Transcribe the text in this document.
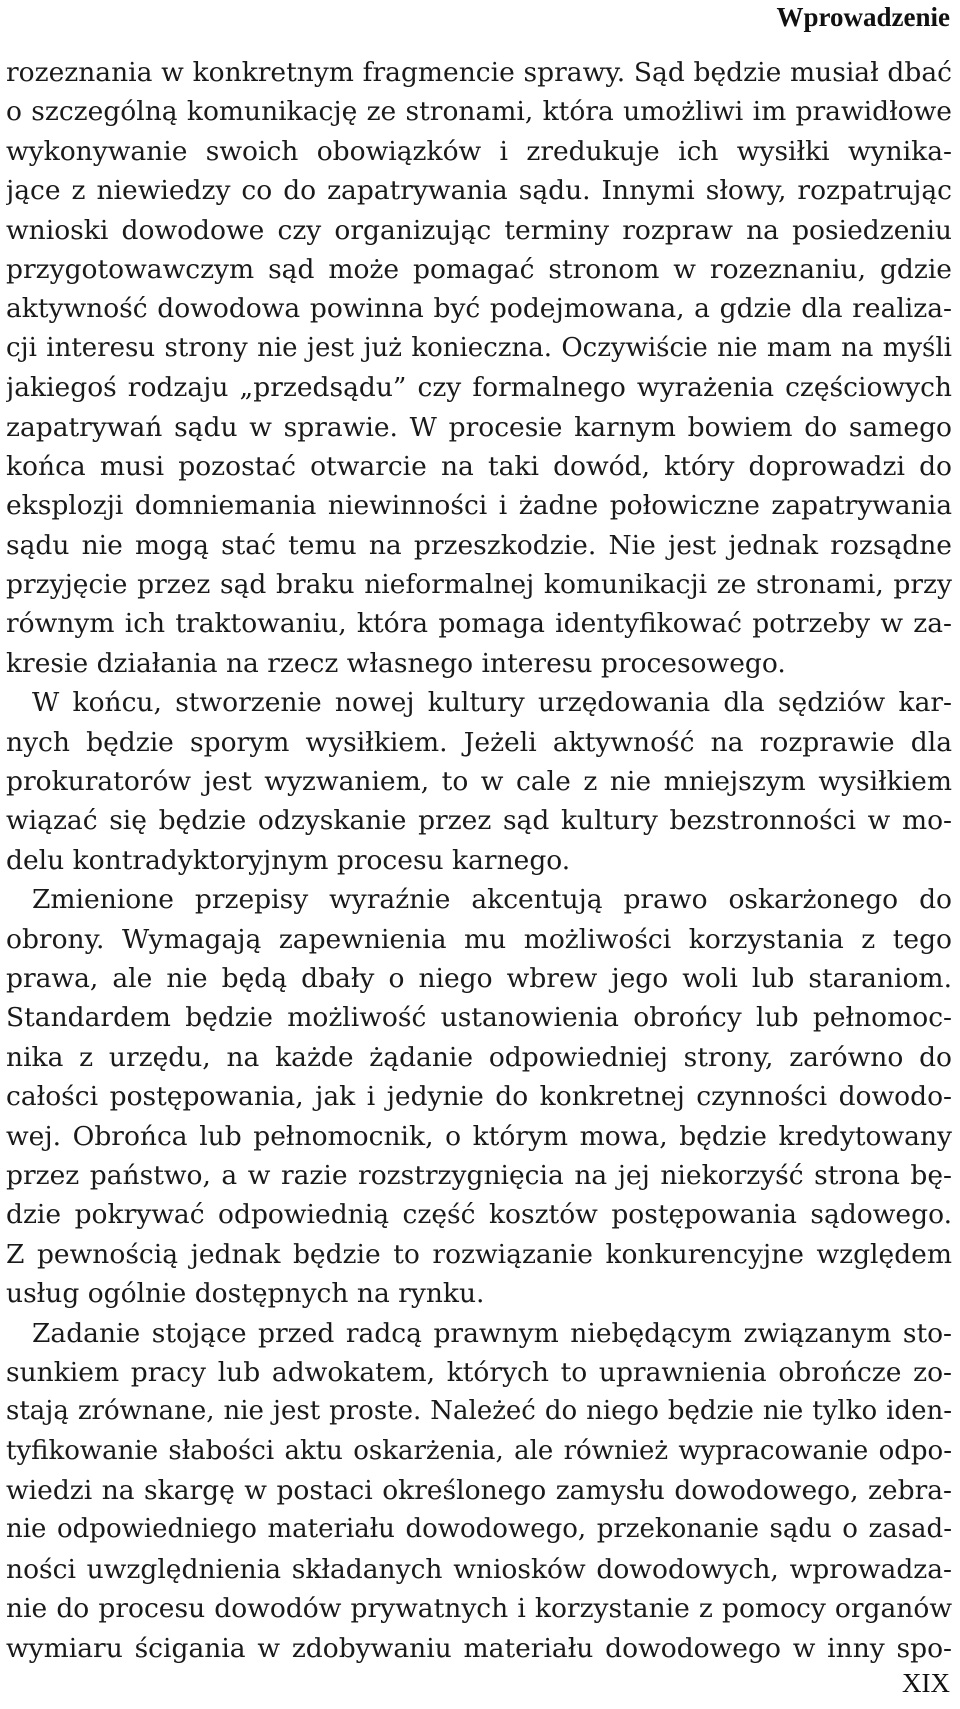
Wprowadzenie
rozeznania w konkretnym fragmencie sprawy. Sąd będzie musiał dbać
o szczególną komunikację ze stronami, która umożliwi im prawidłowe
wykonywanie swoich obowiązków i zredukuje ich wysiłki wynika-
jące z niewiedzy co do zapatrywania sądu. Innymi słowy, rozpatrując
wnioski dowodowe czy organizując terminy rozpraw na posiedzeniu
przygotowawczym sąd może pomagać stronom w rozeznaniu, gdzie
aktywność dowodowa powinna być podejmowana, a gdzie dla realiza-
cji interesu strony nie jest już konieczna. Oczywiście nie mam na myśli
jakiegoś rodzaju „przedsądu” czy formalnego wyrażenia częściowych
zapatrywań sądu w sprawie. W procesie karnym bowiem do samego
końca musi pozostać otwarcie na taki dowód, który doprowadzi do
eksplozji domniemania niewinności i żadne połowiczne zapatrywania
sądu nie mogą stać temu na przeszkodzie. Nie jest jednak rozsądne
przyjęcie przez sąd braku nieformalnej komunikacji ze stronami, przy
równym ich traktowaniu, która pomaga identyfikować potrzeby w za-
kresie działania na rzecz własnego interesu procesowego.
W końcu, stworzenie nowej kultury urzędowania dla sędziów kar-
nych będzie sporym wysiłkiem. Jeżeli aktywność na rozprawie dla
prokuratorów jest wyzwaniem, to w cale z nie mniejszym wysiłkiem
wiązać się będzie odzyskanie przez sąd kultury bezstronności w mo-
delu kontradyktoryjnym procesu karnego.
Zmienione przepisy wyraźnie akcentują prawo oskarżonego do
obrony. Wymagają zapewnienia mu możliwości korzystania z tego
prawa, ale nie będą dbały o niego wbrew jego woli lub staraniom.
Standardem będzie możliwość ustanowienia obrońcy lub pełnomoc-
nika z urzędu, na każde żądanie odpowiedniej strony, zarówno do
całości postępowania, jak i jedynie do konkretnej czynności dowodo-
wej. Obrońca lub pełnomocnik, o którym mowa, będzie kredytowany
przez państwo, a w razie rozstrzygnięcia na jej niekorzyść strona bę-
dzie pokrywać odpowiednią część kosztów postępowania sądowego.
Z pewnością jednak będzie to rozwiązanie konkurencyjne względem
usług ogólnie dostępnych na rynku.
Zadanie stojące przed radcą prawnym niebędącym związanym sto-
sunkiem pracy lub adwokatem, których to uprawnienia obrończe zo-
stają zrównane, nie jest proste. Należeć do niego będzie nie tylko iden-
tyfikowanie słabości aktu oskarżenia, ale również wypracowanie odpo-
wiedzi na skargę w postaci określonego zamysłu dowodowego, zebra-
nie odpowiedniego materiału dowodowego, przekonanie sądu o zasad-
ności uwzględnienia składanych wniosków dowodowych, wprowadza-
nie do procesu dowodów prywatnych i korzystanie z pomocy organów
wymiaru ścigania w zdobywaniu materiału dowodowego w inny spo-
XIX
